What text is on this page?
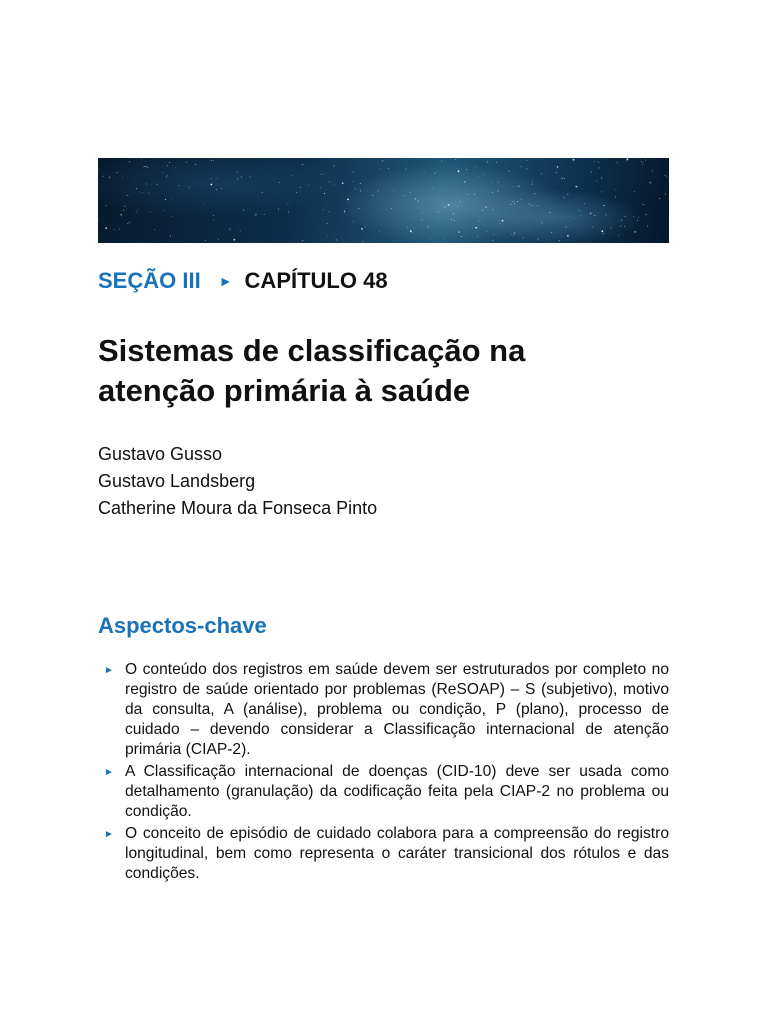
SEÇÃO III ► CAPÍTULO 48
Sistemas de classificação na
atenção primária à saúde
Gustavo Gusso
Gustavo Landsberg
Catherine Moura da Fonseca Pinto
Aspectos-chave
► O conteúdo dos registros em saúde devem ser estruturados por completo no registro de saúde orientado por problemas (ReSOAP) – S (subjetivo), motivo da consulta, A (análise), problema ou condição, P (plano), processo de cuidado – devendo considerar a Classificação internacional de atenção primária (CIAP-2).
► A Classificação internacional de doenças (CID-10) deve ser usada como detalhamento (granulação) da codificação feita pela CIAP-2 no problema ou condição.
► O conceito de episódio de cuidado colabora para a compreensão do registro longitudinal, bem como representa o caráter transicional dos rótulos e das condições.
